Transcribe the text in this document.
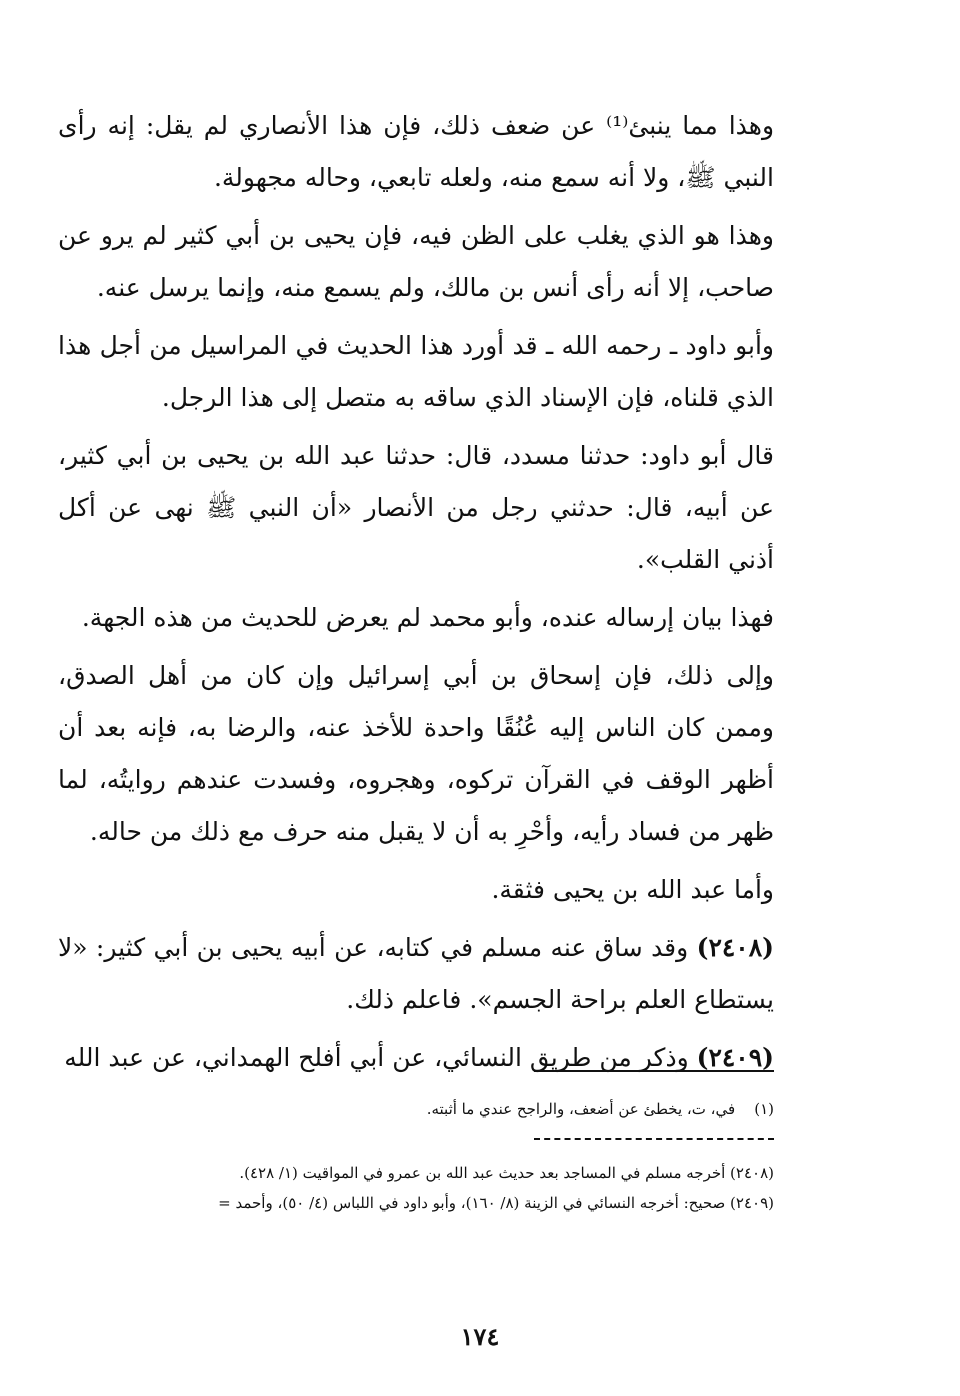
وهذا مما ينبئ⁽¹⁾ عن ضعف ذلك، فإن هذا الأنصاري لم يقل: إنه رأى النبي ﷺ، ولا أنه سمع منه، ولعله تابعي، وحاله مجهولة.

وهذا هو الذي يغلب على الظن فيه، فإن يحيى بن أبي كثير لم يرو عن صاحب، إلا أنه رأى أنس بن مالك، ولم يسمع منه، وإنما يرسل عنه.

وأبو داود ـ رحمه الله ـ قد أورد هذا الحديث في المراسيل من أجل هذا الذي قلناه، فإن الإسناد الذي ساقه به متصل إلى هذا الرجل.

قال أبو داود: حدثنا مسدد، قال: حدثنا عبد الله بن يحيى بن أبي كثير، عن أبيه، قال: حدثني رجل من الأنصار «أن النبي ﷺ نهى عن أكل أذني القلب».

فهذا بيان إرساله عنده، وأبو محمد لم يعرض للحديث من هذه الجهة.

وإلى ذلك، فإن إسحاق بن أبي إسرائيل وإن كان من أهل الصدق، وممن كان الناس إليه عُنُقًا واحدة للأخذ عنه، والرضا به، فإنه بعد أن أظهر الوقف في القرآن تركوه، وهجروه، وفسدت عندهم روايتُه، لما ظهر من فساد رأيه، وأحْرِ به أن لا يقبل منه حرف مع ذلك من حاله.

وأما عبد الله بن يحيى فثقة.

(٢٤٠٨) وقد ساق عنه مسلم في كتابه، عن أبيه يحيى بن أبي كثير: «لا يستطاع العلم براحة الجسم». فاعلم ذلك.

(٢٤٠٩) وذكر من طريق النسائي، عن أبي أفلح الهمداني، عن عبد الله

(١)    في، ت، يخطئ عن أضعف، والراجح عندي ما أثبته.

(٢٤٠٨) أخرجه مسلم في المساجد بعد حديث عبد الله بن عمرو في المواقيت (١/ ٤٢٨).

(٢٤٠٩) صحيح: أخرجه النسائي في الزينة (٨/ ١٦٠)، وأبو داود في اللباس (٤/ ٥٠)، وأحمد =

١٧٤
